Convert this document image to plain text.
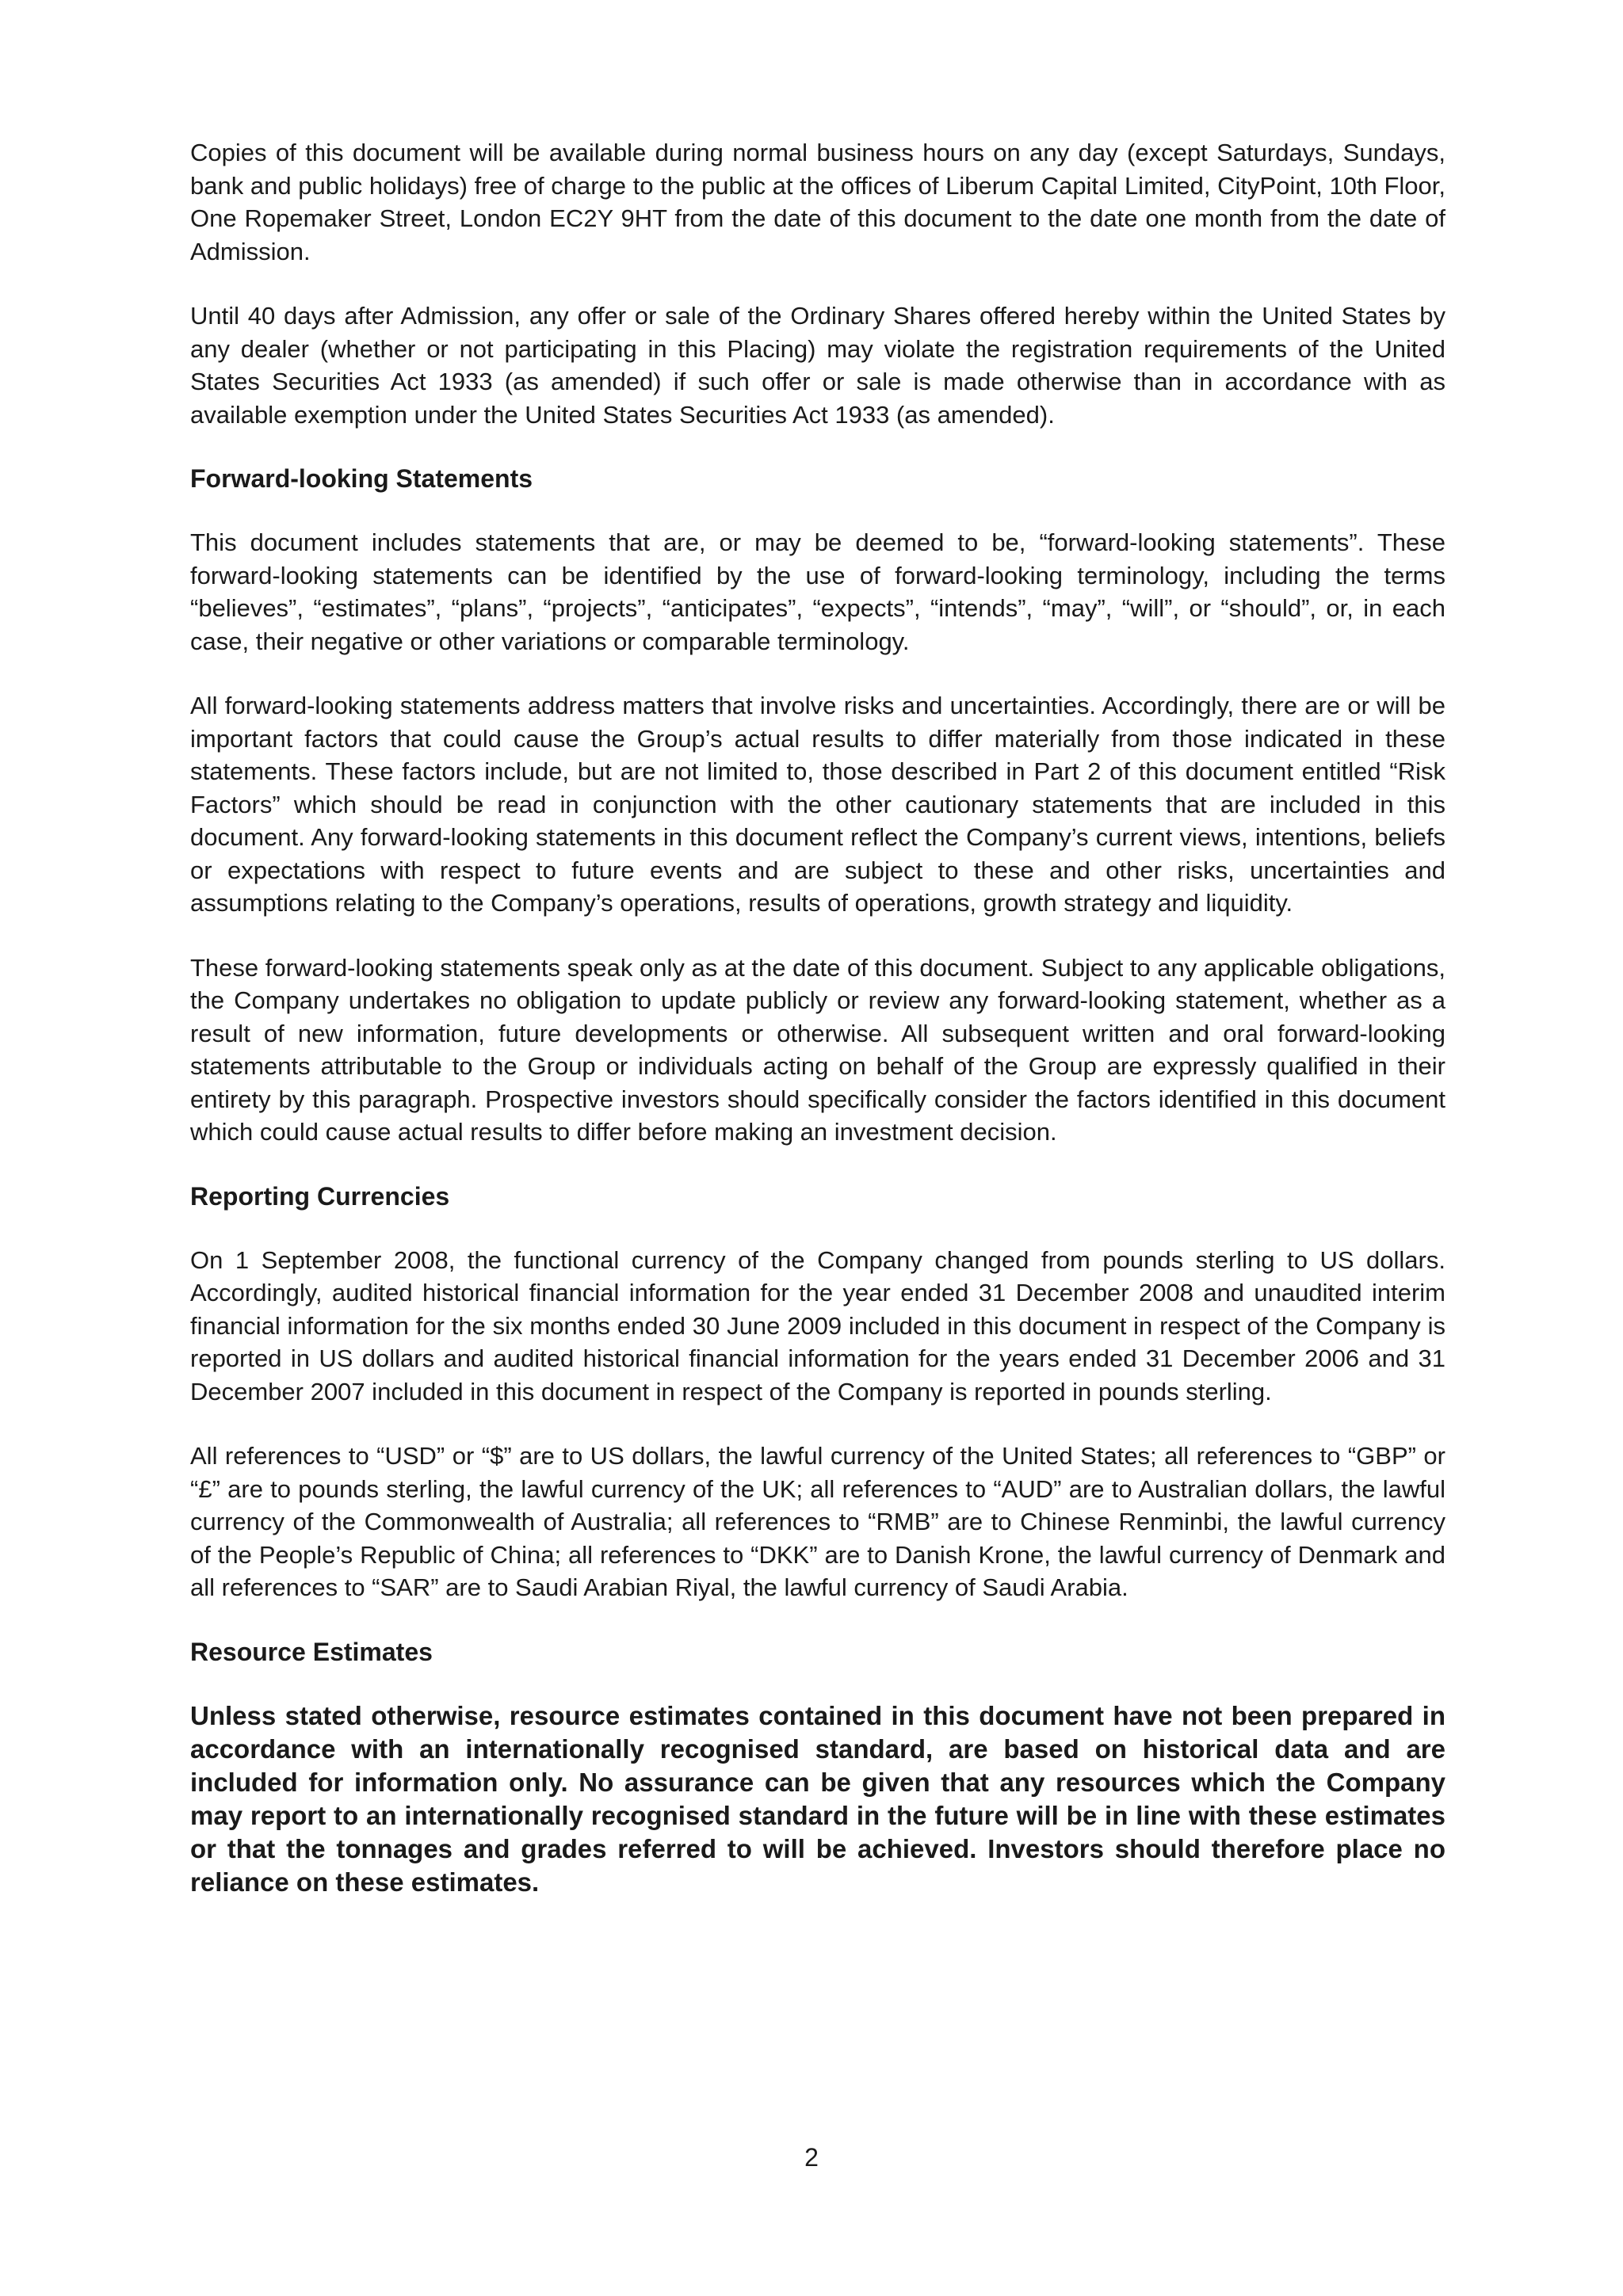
Copies of this document will be available during normal business hours on any day (except Saturdays, Sundays, bank and public holidays) free of charge to the public at the offices of Liberum Capital Limited, CityPoint, 10th Floor, One Ropemaker Street, London EC2Y 9HT from the date of this document to the date one month from the date of Admission.

Until 40 days after Admission, any offer or sale of the Ordinary Shares offered hereby within the United States by any dealer (whether or not participating in this Placing) may violate the registration requirements of the United States Securities Act 1933 (as amended) if such offer or sale is made otherwise than in accordance with as available exemption under the United States Securities Act 1933 (as amended).

Forward-looking Statements

This document includes statements that are, or may be deemed to be, “forward-looking statements”. These forward-looking statements can be identified by the use of forward-looking terminology, including the terms “believes”, “estimates”, “plans”, “projects”, “anticipates”, “expects”, “intends”, “may”, “will”, or “should”, or, in each case, their negative or other variations or comparable terminology.

All forward-looking statements address matters that involve risks and uncertainties. Accordingly, there are or will be important factors that could cause the Group’s actual results to differ materially from those indicated in these statements. These factors include, but are not limited to, those described in Part 2 of this document entitled “Risk Factors” which should be read in conjunction with the other cautionary statements that are included in this document. Any forward-looking statements in this document reflect the Company’s current views, intentions, beliefs or expectations with respect to future events and are subject to these and other risks, uncertainties and assumptions relating to the Company’s operations, results of operations, growth strategy and liquidity.

These forward-looking statements speak only as at the date of this document. Subject to any applicable obligations, the Company undertakes no obligation to update publicly or review any forward-looking statement, whether as a result of new information, future developments or otherwise. All subsequent written and oral forward-looking statements attributable to the Group or individuals acting on behalf of the Group are expressly qualified in their entirety by this paragraph. Prospective investors should specifically consider the factors identified in this document which could cause actual results to differ before making an investment decision.

Reporting Currencies

On 1 September 2008, the functional currency of the Company changed from pounds sterling to US dollars. Accordingly, audited historical financial information for the year ended 31 December 2008 and unaudited interim financial information for the six months ended 30 June 2009 included in this document in respect of the Company is reported in US dollars and audited historical financial information for the years ended 31 December 2006 and 31 December 2007 included in this document in respect of the Company is reported in pounds sterling.

All references to “USD” or “$” are to US dollars, the lawful currency of the United States; all references to “GBP” or “£” are to pounds sterling, the lawful currency of the UK; all references to “AUD” are to Australian dollars, the lawful currency of the Commonwealth of Australia; all references to “RMB” are to Chinese Renminbi, the lawful currency of the People’s Republic of China; all references to “DKK” are to Danish Krone, the lawful currency of Denmark and all references to “SAR” are to Saudi Arabian Riyal, the lawful currency of Saudi Arabia.

Resource Estimates

Unless stated otherwise, resource estimates contained in this document have not been prepared in accordance with an internationally recognised standard, are based on historical data and are included for information only. No assurance can be given that any resources which the Company may report to an internationally recognised standard in the future will be in line with these estimates or that the tonnages and grades referred to will be achieved. Investors should therefore place no reliance on these estimates.

2
